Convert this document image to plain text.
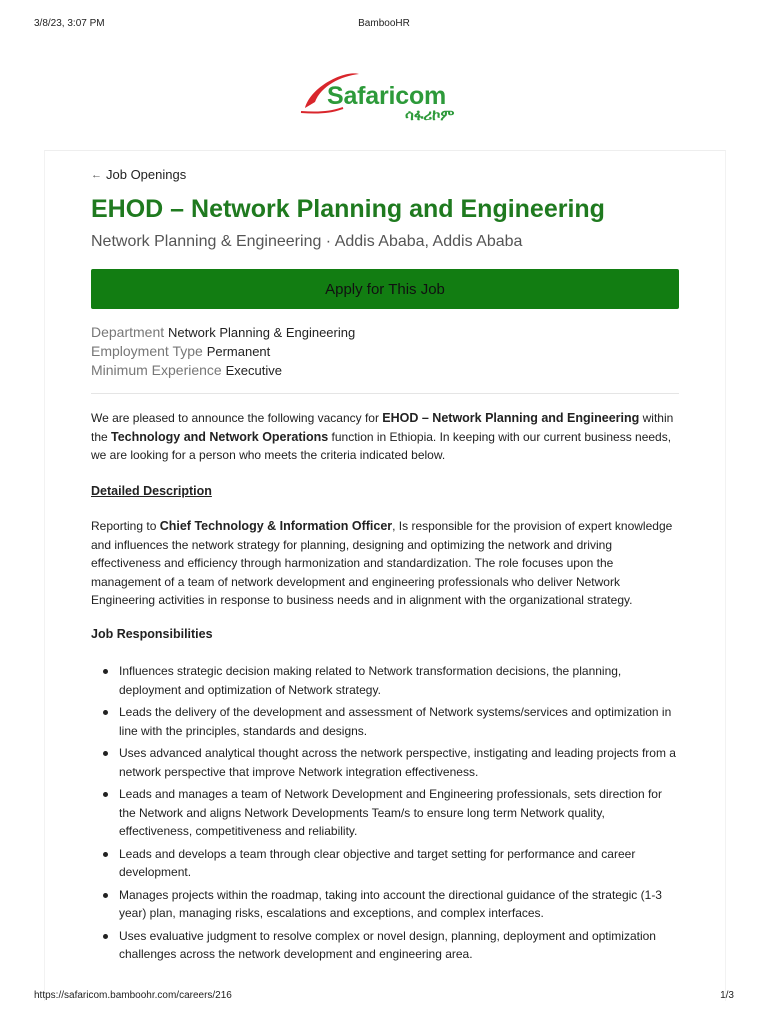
3/8/23, 3:07 PM	BambooHR
Safaricom
ሳፋሪኮም
← Job Openings
EHOD – Network Planning and Engineering
Network Planning & Engineering · Addis Ababa, Addis Ababa
Apply for This Job
Department Network Planning & Engineering
Employment Type Permanent
Minimum Experience Executive

We are pleased to announce the following vacancy for EHOD – Network Planning and Engineering within the Technology and Network Operations function in Ethiopia. In keeping with our current business needs, we are looking for a person who meets the criteria indicated below.

Detailed Description

Reporting to Chief Technology & Information Officer, Is responsible for the provision of expert knowledge and influences the network strategy for planning, designing and optimizing the network and driving effectiveness and efficiency through harmonization and standardization. The role focuses upon the management of a team of network development and engineering professionals who deliver Network Engineering activities in response to business needs and in alignment with the organizational strategy.

Job Responsibilities
Influences strategic decision making related to Network transformation decisions, the planning, deployment and optimization of Network strategy.
Leads the delivery of the development and assessment of Network systems/services and optimization in line with the principles, standards and designs.
Uses advanced analytical thought across the network perspective, instigating and leading projects from a network perspective that improve Network integration effectiveness.
Leads and manages a team of Network Development and Engineering professionals, sets direction for the Network and aligns Network Developments Team/s to ensure long term Network quality, effectiveness, competitiveness and reliability.
Leads and develops a team through clear objective and target setting for performance and career development.
Manages projects within the roadmap, taking into account the directional guidance of the strategic (1-3 year) plan, managing risks, escalations and exceptions, and complex interfaces.
Uses evaluative judgment to resolve complex or novel design, planning, deployment and optimization challenges across the network development and engineering area.
https://safaricom.bamboohr.com/careers/216	1/3
